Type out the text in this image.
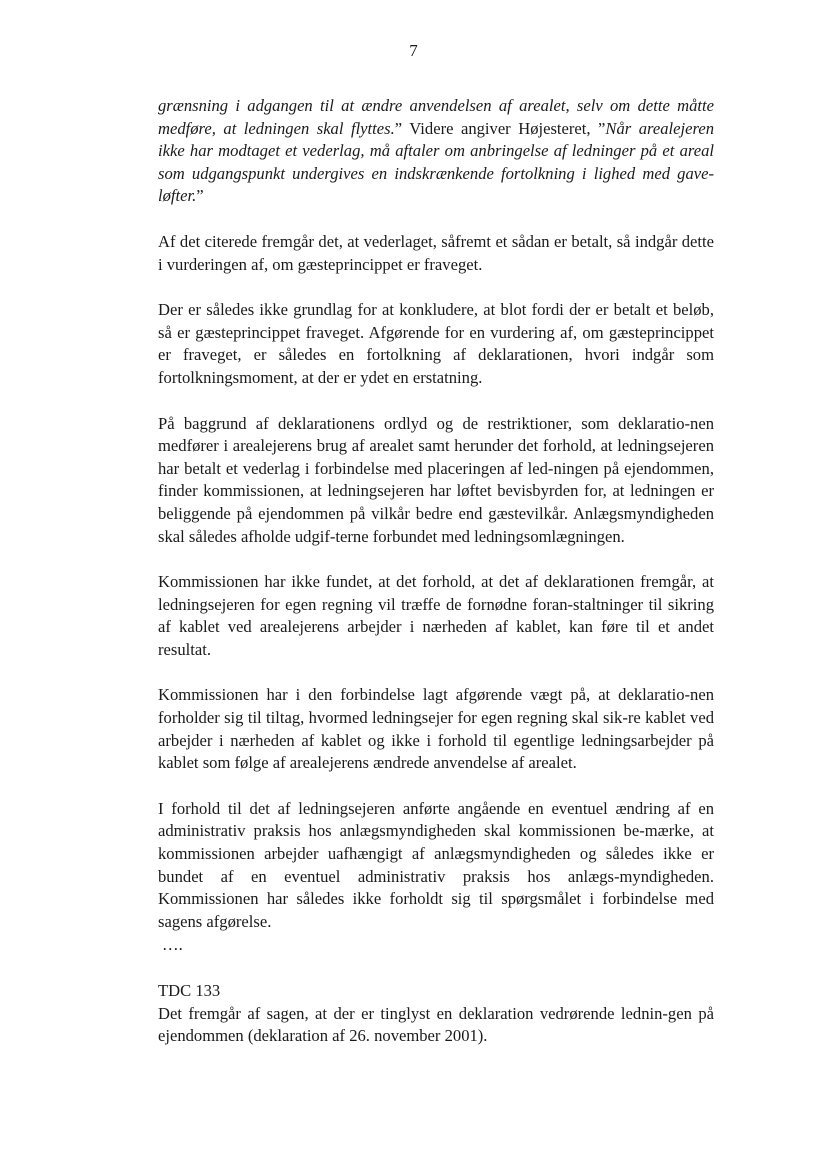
7

grænsning i adgangen til at ændre anvendelsen af arealet, selv om dette måtte medføre, at ledningen skal flyttes.” Videre angiver Højesteret, ”Når arealejeren ikke har modtaget et vederlag, må aftaler om anbringelse af ledninger på et areal som udgangspunkt undergives en indskrænkende fortolkning i lighed med gave-løfter.”

Af det citerede fremgår det, at vederlaget, såfremt et sådan er betalt, så indgår dette i vurderingen af, om gæsteprincippet er fraveget.

Der er således ikke grundlag for at konkludere, at blot fordi der er betalt et beløb, så er gæsteprincippet fraveget. Afgørende for en vurdering af, om gæsteprincippet er fraveget, er således en fortolkning af deklarationen, hvori indgår som fortolkningsmoment, at der er ydet en erstatning.

På baggrund af deklarationens ordlyd og de restriktioner, som deklaratio-nen medfører i arealejerens brug af arealet samt herunder det forhold, at ledningsejeren har betalt et vederlag i forbindelse med placeringen af led-ningen på ejendommen, finder kommissionen, at ledningsejeren har løftet bevisbyrden for, at ledningen er beliggende på ejendommen på vilkår bedre end gæstevilkår. Anlægsmyndigheden skal således afholde udgif-terne forbundet med ledningsomlægningen.

Kommissionen har ikke fundet, at det forhold, at det af deklarationen fremgår, at ledningsejeren for egen regning vil træffe de fornødne foran-staltninger til sikring af kablet ved arealejerens arbejder i nærheden af kablet, kan føre til et andet resultat.

Kommissionen har i den forbindelse lagt afgørende vægt på, at deklaratio-nen forholder sig til tiltag, hvormed ledningsejer for egen regning skal sik-re kablet ved arbejder i nærheden af kablet og ikke i forhold til egentlige ledningsarbejder på kablet som følge af arealejerens ændrede anvendelse af arealet.

I forhold til det af ledningsejeren anførte angående en eventuel ændring af en administrativ praksis hos anlægsmyndigheden skal kommissionen be-mærke, at kommissionen arbejder uafhængigt af anlægsmyndigheden og således ikke er bundet af en eventuel administrativ praksis hos anlægs-myndigheden. Kommissionen har således ikke forholdt sig til spørgsmålet i forbindelse med sagens afgørelse.

….

TDC 133

Det fremgår af sagen, at der er tinglyst en deklaration vedrørende lednin-gen på ejendommen (deklaration af 26. november 2001).
